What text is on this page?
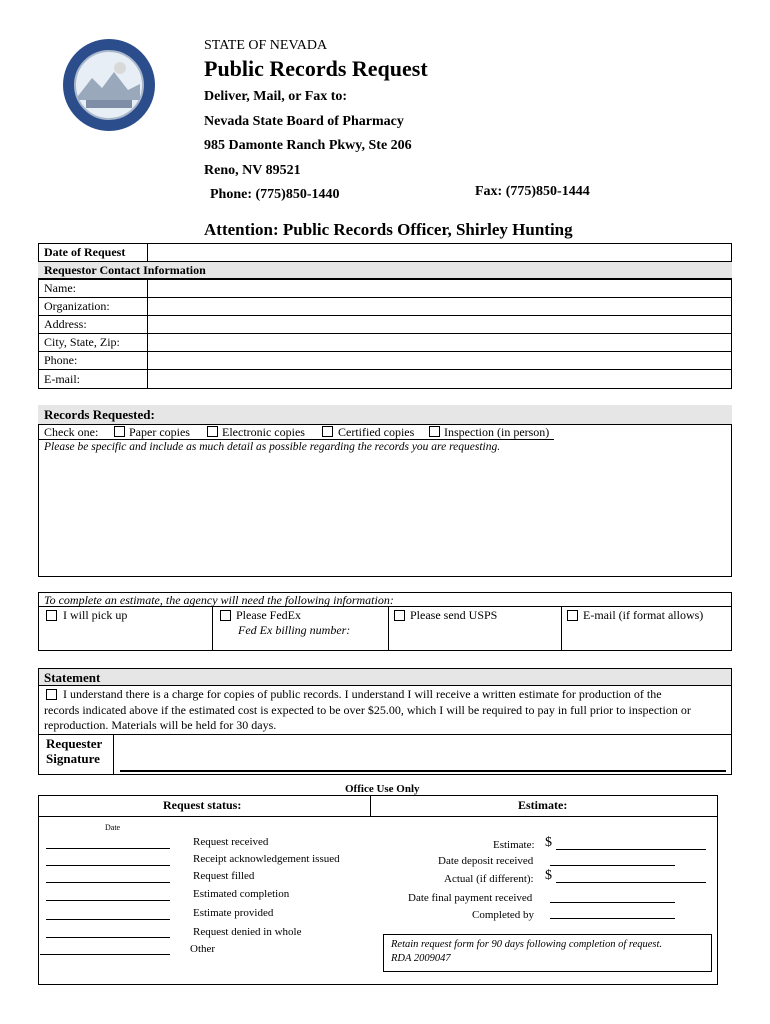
STATE OF NEVADA
Public Records Request
Deliver, Mail, or Fax to:
Nevada State Board of Pharmacy
985 Damonte Ranch Pkwy, Ste 206
Reno, NV 89521
Phone: (775)850-1440	Fax: (775)850-1444
Attention: Public Records Officer, Shirley Hunting
Date of Request
Requestor Contact Information
Name:
Organization:
Address:
City, State, Zip:
Phone:
E-mail:
Records Requested:
Check one:	Paper copies	Electronic copies	Certified copies Inspection (in person)
Please be specific and include as much detail as possible regarding the records you are requesting.
To complete an estimate, the agency will need the following information:
I will pick up	Please FedEx
Fed Ex billing number:
Please send USPS	E-mail (if format allows)
Statement
I understand there is a charge for copies of public records. I understand I will receive a written estimate for production of the
records indicated above if the estimated cost is expected to be over $25.00, which I will be required to pay in full prior to inspection or
reproduction. Materials will be held for 30 days.
Requester
Signature
Office Use Only
Request status:	Estimate:
Date
Request received
Receipt acknowledgement issued
Request filled
Estimated completion
Estimate provided
Request denied in whole
Other
Estimate: $
Date deposit received
Actual (if different): $
Date final payment received
Completed by
Retain request form for 90 days following completion of request.
RDA 2009047
